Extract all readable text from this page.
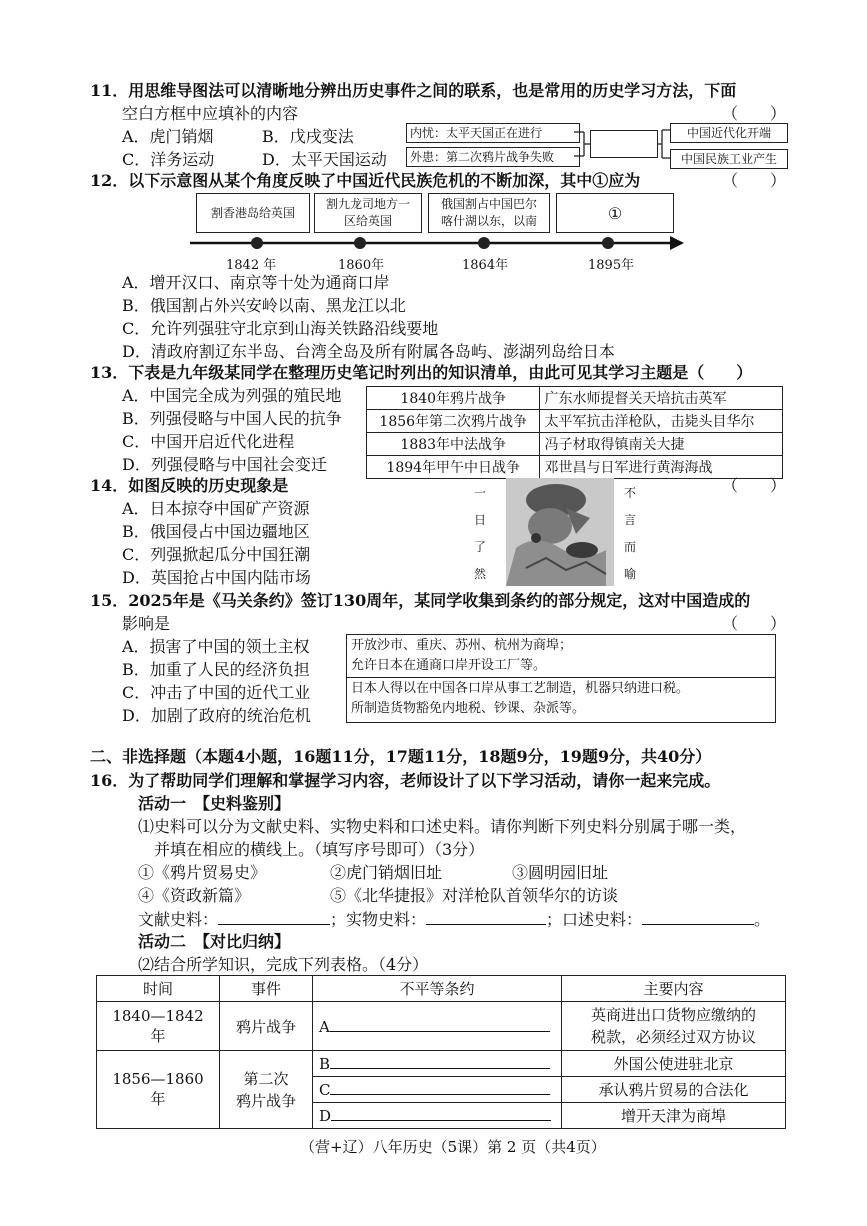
11．用思维导图法可以清晰地分辨出历史事件之间的联系，也是常用的历史学习方法，下面
空白方框中应填补的内容	（　　）
A．虎门销烟	B．戊戌变法
C．洋务运动	D．太平天国运动
内忧：太平天国正在进行
外患：第二次鸦片战争失败
中国近代化开端
中国民族工业产生
12．以下示意图从某个角度反映了中国近代民族危机的不断加深，其中①应为	（　　）
割香港岛给英国
割九龙司地方一
区给英国
俄国割占中国巴尔
喀什湖以东，以南	①
1842 年	1860年	1864年	1895年
A．增开汉口、南京等十处为通商口岸
B．俄国割占外兴安岭以南、黑龙江以北
C．允许列强驻守北京到山海关铁路沿线要地
D．清政府割辽东半岛、台湾全岛及所有附属各岛屿、澎湖列岛给日本
13．下表是九年级某同学在整理历史笔记时列出的知识清单，由此可见其学习主题是（　　）
A．中国完全成为列强的殖民地
B．列强侵略与中国人民的抗争
C．中国开启近代化进程
D．列强侵略与中国社会变迁
1840年鸦片战争	广东水师提督关天培抗击英军
1856年第二次鸦片战争	太平军抗击洋枪队，击毙头目华尔
1883年中法战争	冯子材取得镇南关大捷
1894年甲午中日战争	邓世昌与日军进行黄海海战
14．如图反映的历史现象是	（　　）
A．日本掠夺中国矿产资源
B．俄国侵占中国边疆地区
C．列强掀起瓜分中国狂潮
D．英国抢占中国内陆市场
一
日
了
然
不
言
而
喻
15．2025年是《马关条约》签订130周年，某同学收集到条约的部分规定，这对中国造成的
影响是	（　　）
A．损害了中国的领土主权
B．加重了人民的经济负担
C．冲击了中国的近代工业
D．加剧了政府的统治危机
开放沙市、重庆、苏州、杭州为商埠；
允许日本在通商口岸开设工厂等。
日本人得以在中国各口岸从事工艺制造，机器只纳进口税。
所制造货物豁免内地税、钞课、杂派等。
二、非选择题（本题4小题，16题11分，17题11分，18题9分，19题9分，共40分）
16．为了帮助同学们理解和掌握学习内容，老师设计了以下学习活动，请你一起来完成。
活动一　【史料鉴别】
⑴史料可以分为文献史料、实物史料和口述史料。请你判断下列史料分别属于哪一类，
并填在相应的横线上。（填写序号即可）（3分）
①《鸦片贸易史》	②虎门销烟旧址	③圆明园旧址
④《资政新篇》	⑤《北华捷报》对洋枪队首领华尔的访谈
文献史料：	；实物史料：	；口述史料：	。
活动二　【对比归纳】
⑵结合所学知识，完成下列表格。（4分）
时间	事件	不平等条约	主要内容
1840—1842 年	鸦片战争	A	英商进出口货物应缴纳的
税款，必须经过双方协议

1856—1860 年	第二次
鸦片战争	B	外国公使进驻北京
		C	承认鸦片贸易的合法化
		D	增开天津为商埠
（营+辽）八年历史（5课）第 2 页（共4页）
